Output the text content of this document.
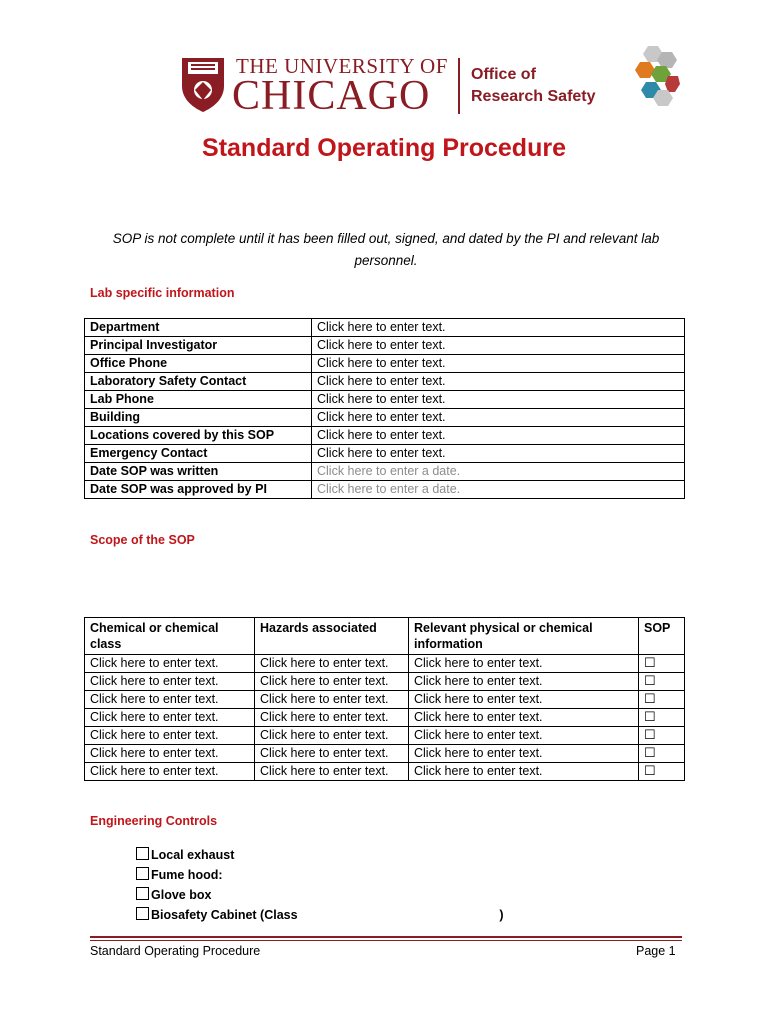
THE UNIVERSITY OF
CHICAGO	Office of
Research Safety
Standard Operating Procedure
SOP is not complete until it has been filled out, signed, and dated by the PI and relevant lab personnel.
Lab specific information
Department	Click here to enter text.
Principal Investigator	Click here to enter text.
Office Phone	Click here to enter text.
Laboratory Safety Contact	Click here to enter text.
Lab Phone	Click here to enter text.
Building	Click here to enter text.
Locations covered by this SOP	Click here to enter text.
Emergency Contact	Click here to enter text.
Date SOP was written	Click here to enter a date.
Date SOP was approved by PI	Click here to enter a date.
Scope of the SOP
Chemical or chemical class	Hazards associated	Relevant physical or chemical information	SOP
Click here to enter text.	Click here to enter text.	Click here to enter text.	☐
Click here to enter text.	Click here to enter text.	Click here to enter text.	☐
Click here to enter text.	Click here to enter text.	Click here to enter text.	☐
Click here to enter text.	Click here to enter text.	Click here to enter text.	☐
Click here to enter text.	Click here to enter text.	Click here to enter text.	☐
Click here to enter text.	Click here to enter text.	Click here to enter text.	☐
Click here to enter text.	Click here to enter text.	Click here to enter text.	☐
Engineering Controls
Local exhaust
Fume hood:
Glove box
Biosafety Cabinet (Class	)
Standard Operating Procedure	Page 1
